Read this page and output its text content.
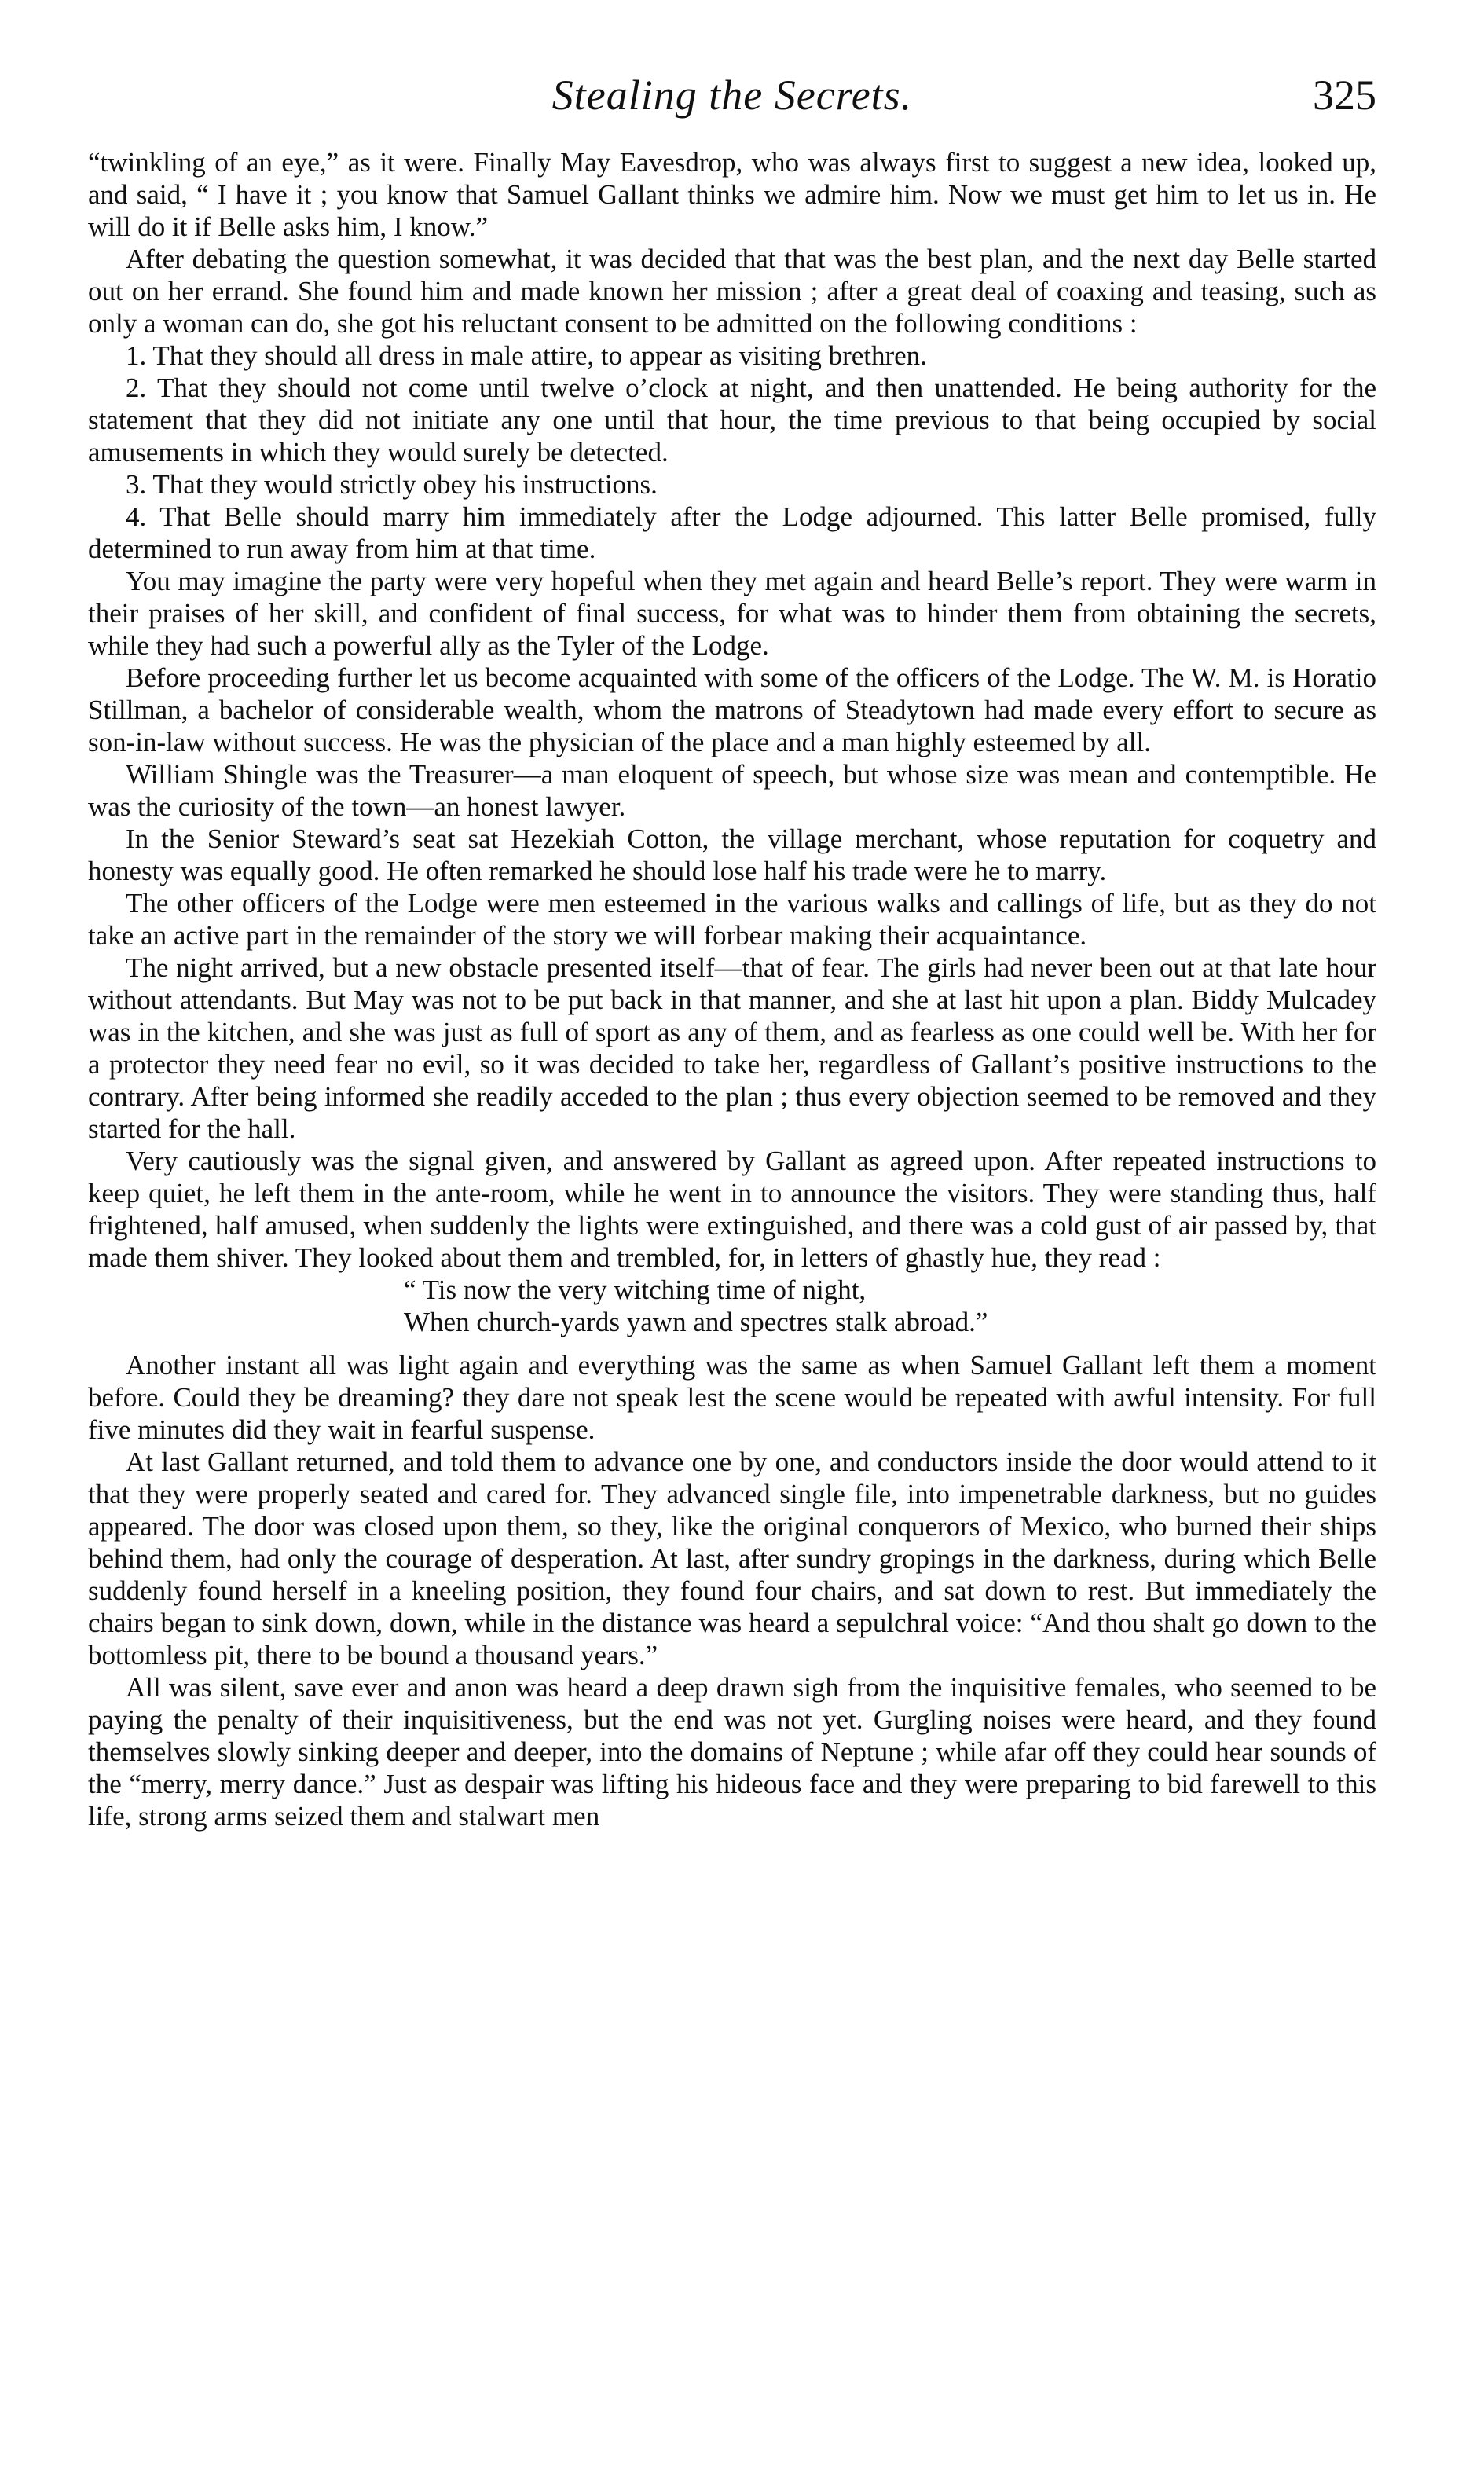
Stealing the Secrets.	325

“twinkling of an eye,” as it were. Finally May Eavesdrop, who was always first to suggest a new idea, looked up, and said, “ I have it ; you know that Samuel Gallant thinks we admire him. Now we must get him to let us in. He will do it if Belle asks him, I know.”

After debating the question somewhat, it was decided that that was the best plan, and the next day Belle started out on her errand. She found him and made known her mission ; after a great deal of coaxing and teasing, such as only a woman can do, she got his reluctant consent to be admitted on the following conditions :

1. That they should all dress in male attire, to appear as visiting brethren.

2. That they should not come until twelve o’clock at night, and then unattended. He being authority for the statement that they did not initiate any one until that hour, the time previous to that being occupied by social amusements in which they would surely be detected.

3. That they would strictly obey his instructions.

4. That Belle should marry him immediately after the Lodge adjourned. This latter Belle promised, fully determined to run away from him at that time.

You may imagine the party were very hopeful when they met again and heard Belle’s report. They were warm in their praises of her skill, and confident of final success, for what was to hinder them from obtaining the secrets, while they had such a powerful ally as the Tyler of the Lodge.

Before proceeding further let us become acquainted with some of the officers of the Lodge. The W. M. is Horatio Stillman, a bachelor of considerable wealth, whom the matrons of Steadytown had made every effort to secure as son-in-law without success. He was the physician of the place and a man highly esteemed by all.

William Shingle was the Treasurer—a man eloquent of speech, but whose size was mean and contemptible. He was the curiosity of the town—an honest lawyer.

In the Senior Steward’s seat sat Hezekiah Cotton, the village merchant, whose reputation for coquetry and honesty was equally good. He often remarked he should lose half his trade were he to marry.

The other officers of the Lodge were men esteemed in the various walks and callings of life, but as they do not take an active part in the remainder of the story we will forbear making their acquaintance.

The night arrived, but a new obstacle presented itself—that of fear. The girls had never been out at that late hour without attendants. But May was not to be put back in that manner, and she at last hit upon a plan. Biddy Mulcadey was in the kitchen, and she was just as full of sport as any of them, and as fearless as one could well be. With her for a protector they need fear no evil, so it was decided to take her, regardless of Gallant’s positive instructions to the contrary. After being informed she readily acceded to the plan ; thus every objection seemed to be removed and they started for the hall.

Very cautiously was the signal given, and answered by Gallant as agreed upon. After repeated instructions to keep quiet, he left them in the ante-room, while he went in to announce the visitors. They were standing thus, half frightened, half amused, when suddenly the lights were extinguished, and there was a cold gust of air passed by, that made them shiver. They looked about them and trembled, for, in letters of ghastly hue, they read :

“ Tis now the very witching time of night,
When church-yards yawn and spectres stalk abroad.”

Another instant all was light again and everything was the same as when Samuel Gallant left them a moment before. Could they be dreaming? they dare not speak lest the scene would be repeated with awful intensity. For full five minutes did they wait in fearful suspense.

At last Gallant returned, and told them to advance one by one, and conductors inside the door would attend to it that they were properly seated and cared for. They advanced single file, into impenetrable darkness, but no guides appeared. The door was closed upon them, so they, like the original conquerors of Mexico, who burned their ships behind them, had only the courage of desperation. At last, after sundry gropings in the darkness, during which Belle suddenly found herself in a kneeling position, they found four chairs, and sat down to rest. But immediately the chairs began to sink down, down, while in the distance was heard a sepulchral voice: “And thou shalt go down to the bottomless pit, there to be bound a thousand years.”

All was silent, save ever and anon was heard a deep drawn sigh from the inquisitive females, who seemed to be paying the penalty of their inquisitiveness, but the end was not yet. Gurgling noises were heard, and they found themselves slowly sinking deeper and deeper, into the domains of Neptune ; while afar off they could hear sounds of the “merry, merry dance.” Just as despair was lifting his hideous face and they were preparing to bid farewell to this life, strong arms seized them and stalwart men
